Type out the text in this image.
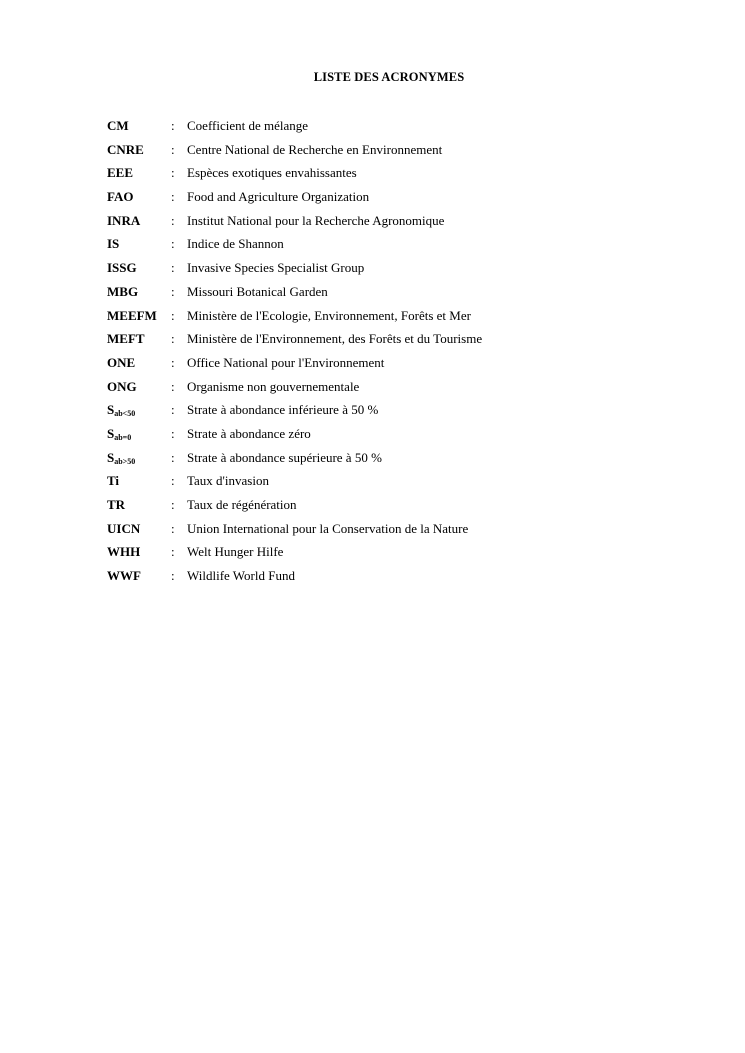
LISTE DES ACRONYMES
CM	: Coefficient de mélange
CNRE : Centre National de Recherche en Environnement
EEE	: Espèces exotiques envahissantes
FAO	: Food and Agriculture Organization
INRA : Institut National pour la Recherche Agronomique
IS	: Indice de Shannon
ISSG	: Invasive Species Specialist Group
MBG	: Missouri Botanical Garden
MEEFM : Ministère de l'Ecologie, Environnement, Forêts et Mer
MEFT : Ministère de l'Environnement, des Forêts et du Tourisme
ONE	: Office National pour l'Environnement
ONG	: Organisme non gouvernementale
Sab<50	: Strate à abondance inférieure à 50 %
Sab=0	: Strate à abondance zéro
Sab>50	: Strate à abondance supérieure à 50 %
Ti	: Taux d'invasion
TR	: Taux de régénération
UICN : Union International pour la Conservation de la Nature
WHH : Welt Hunger Hilfe
WWF : Wildlife World Fund
